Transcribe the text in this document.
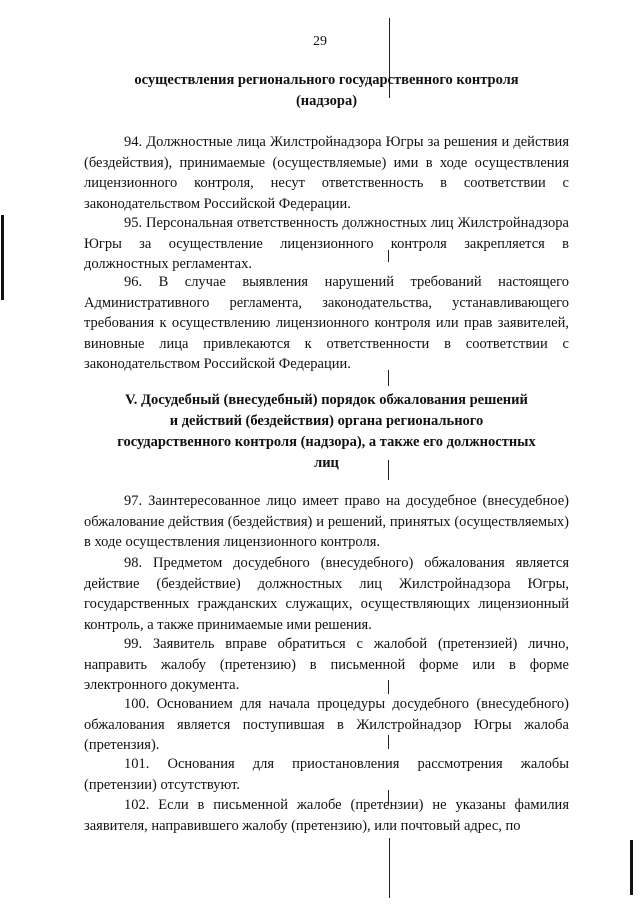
29
осуществления регионального государственного контроля
(надзора)

94. Должностные лица Жилстройнадзора Югры за решения и действия (бездействия), принимаемые (осуществляемые) ими в ходе осуществления лицензионного контроля, несут ответственность в соответствии с законодательством Российской Федерации.

95. Персональная ответственность должностных лиц Жилстройнадзора Югры за осуществление лицензионного контроля закрепляется в должностных регламентах.

96. В случае выявления нарушений требований настоящего Административного регламента, законодательства, устанавливающего требования к осуществлению лицензионного контроля или прав заявителей, виновные лица привлекаются к ответственности в соответствии с законодательством Российской Федерации.

V. Досудебный (внесудебный) порядок обжалования решений
и действий (бездействия) органа регионального
государственного контроля (надзора), а также его должностных
лиц

97. Заинтересованное лицо имеет право на досудебное (внесудебное) обжалование действия (бездействия) и решений, принятых (осуществляемых) в ходе осуществления лицензионного контроля.

98. Предметом досудебного (внесудебного) обжалования является действие (бездействие) должностных лиц Жилстройнадзора Югры, государственных гражданских служащих, осуществляющих лицензионный контроль, а также принимаемые ими решения.

99. Заявитель вправе обратиться с жалобой (претензией) лично, направить жалобу (претензию) в письменной форме или в форме электронного документа.

100. Основанием для начала процедуры досудебного (внесудебного) обжалования является поступившая в Жилстройнадзор Югры жалоба (претензия).

101. Основания для приостановления рассмотрения жалобы (претензии) отсутствуют.

102. Если в письменной жалобе (претензии) не указаны фамилия заявителя, направившего жалобу (претензию), или почтовый адрес, по
